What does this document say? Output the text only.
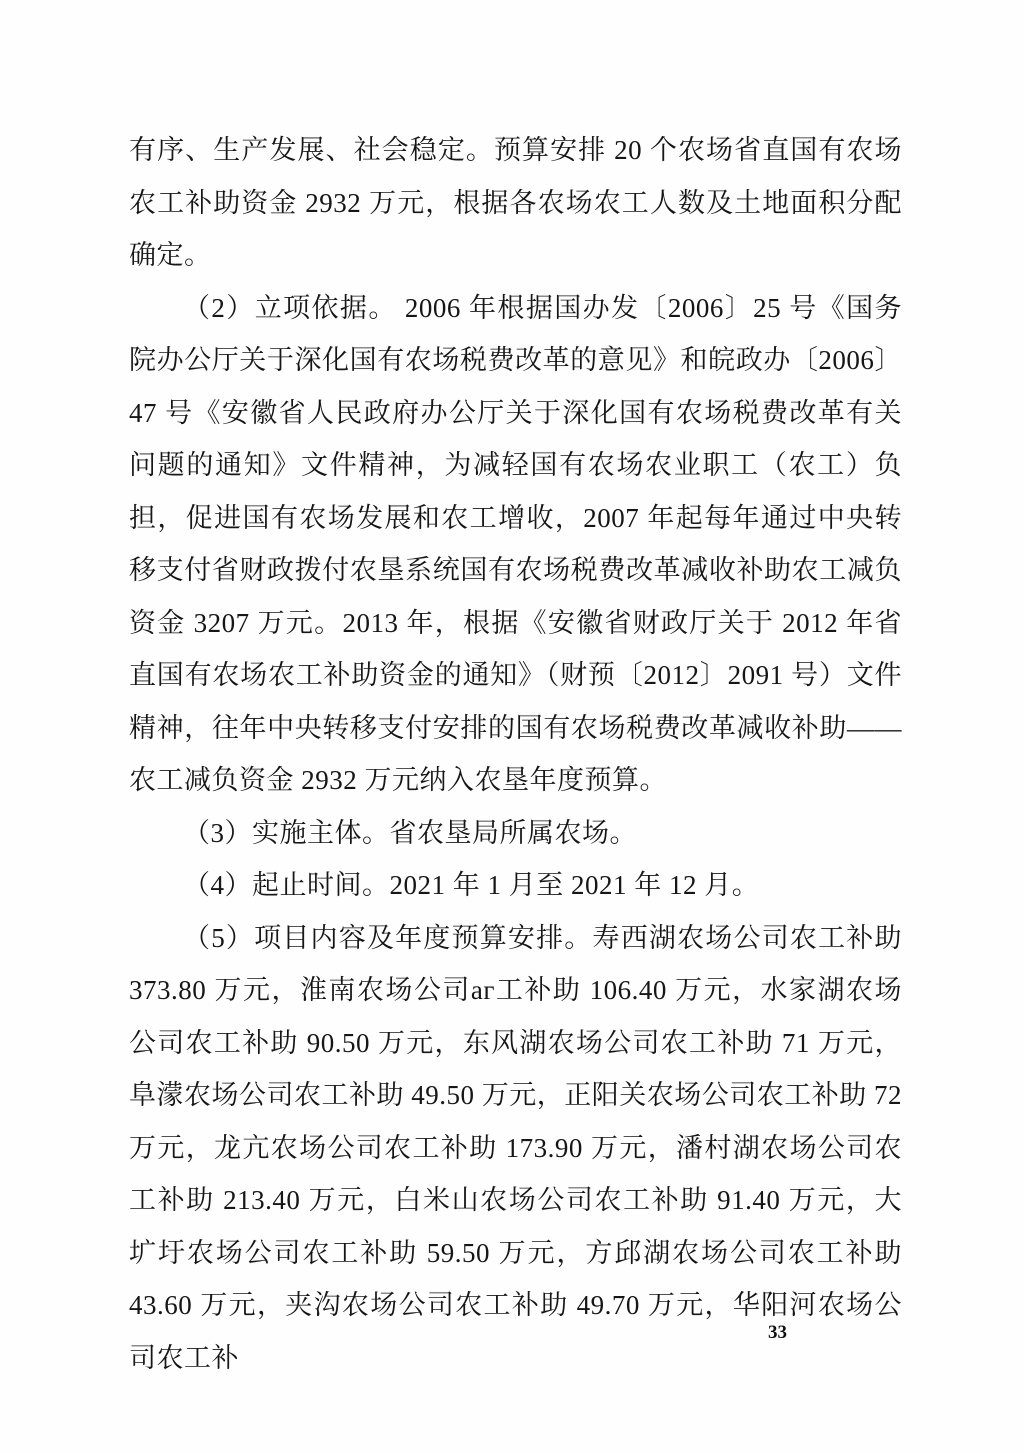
有序、生产发展、社会稳定。预算安排 20 个农场省直国有农场农工补助资金 2932 万元，根据各农场农工人数及土地面积分配确定。

（2）立项依据。 2006 年根据国办发〔2006〕25 号《国务院办公厅关于深化国有农场税费改革的意见》和皖政办〔2006〕47 号《安徽省人民政府办公厅关于深化国有农场税费改革有关问题的通知》文件精神，为减轻国有农场农业职工（农工）负担，促进国有农场发展和农工增收，2007 年起每年通过中央转移支付省财政拨付农垦系统国有农场税费改革减收补助农工减负资金 3207 万元。2013 年，根据《安徽省财政厅关于 2012 年省直国有农场农工补助资金的通知》（财预〔2012〕2091 号）文件精神，往年中央转移支付安排的国有农场税费改革减收补助——农工减负资金 2932 万元纳入农垦年度预算。

（3）实施主体。省农垦局所属农场。

（4）起止时间。2021 年 1 月至 2021 年 12 月。

（5）项目内容及年度预算安排。寿西湖农场公司农工补助 373.80 万元，淮南农场公司аг工补助 106.40 万元，水家湖农场公司农工补助 90.50 万元，东风湖农场公司农工补助 71 万元，阜濛农场公司农工补助 49.50 万元，正阳关农场公司农工补助 72 万元，龙亢农场公司农工补助 173.90 万元，潘村湖农场公司农工补助 213.40 万元，白米山农场公司农工补助 91.40 万元，大圹圩农场公司农工补助 59.50 万元，方邱湖农场公司农工补助 43.60 万元，夹沟农场公司农工补助 49.70 万元，华阳河农场公司农工补

33
